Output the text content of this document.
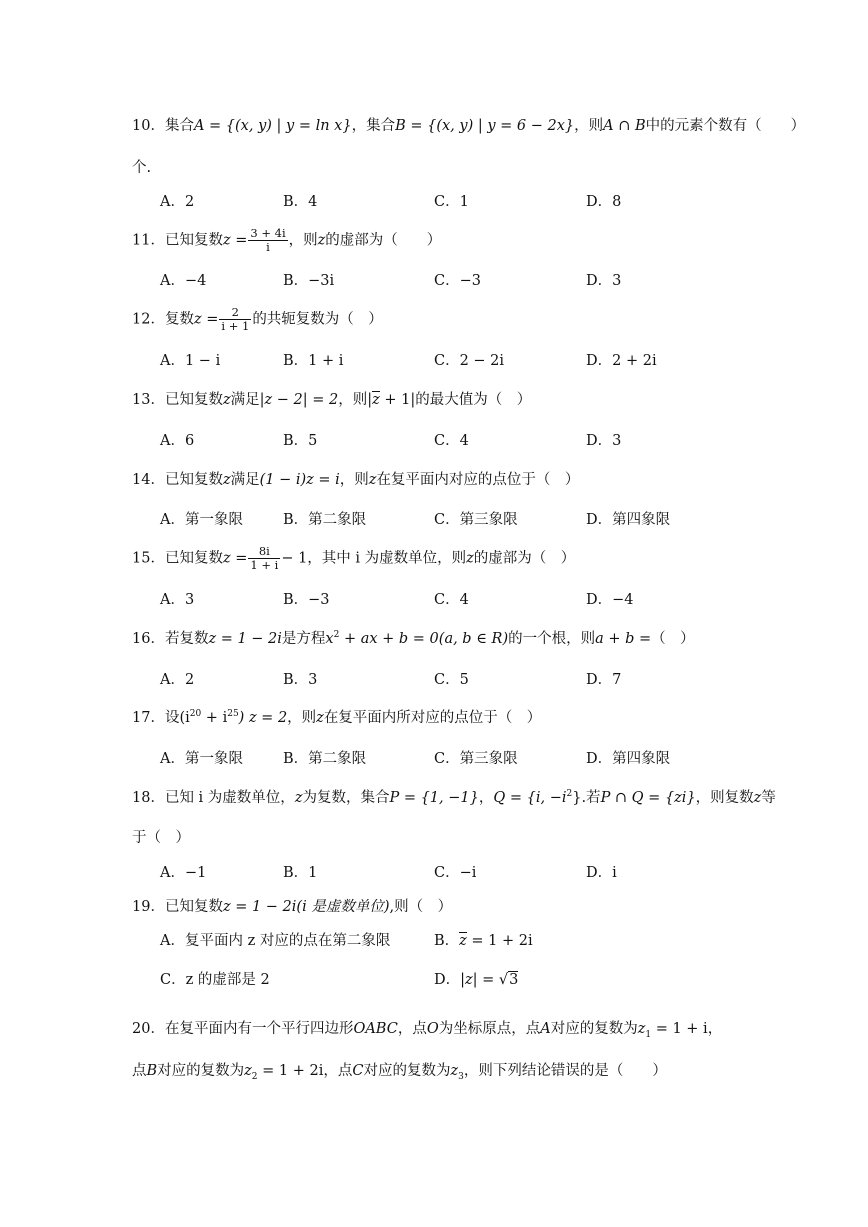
10．集合A = {(x, y) | y = ln x}，集合B = {(x, y) | y = 6 − 2x}，则A ∩ B中的元素个数有（　　）
个.
A．2	B．4	C．1	D．8
11．已知复数$z = \frac{3 + 4i}{i}$ ，则z的虚部为（　　）
A．−4	B．−3i	C．−3	D．3
12．复数$z = \frac{2}{i + 1}$ 的共轭复数为（　）
A．1 − i	B．1 + i	C．2 − 2i	D．2 + 2i
13．已知复数z满足|z − 2| = 2，则|z + 1|的最大值为（　）
A．6	B．5	C．4	D．3
14．已知复数z满足(1 − i)z = i，则z在复平面内对应的点位于（　）
A．第一象限	B．第二象限	C．第三象限	D．第四象限
15．已知复数$z = \frac{8i}{1 + i} - 1$，其中 i 为虚数单位，则z的虚部为（　）
A．3	B．−3	C．4	D．−4
16．若复数z = 1 − 2i是方程$x^2$ + ax + b = 0(a, b ∈ R)的一个根，则a + b =（　）
A．2	B．3	C．5	D．7
17．设$(i^{20} + i^{25}) z = 2$，则z在复平面内所对应的点位于（　）
A．第一象限	B．第二象限	C．第三象限	D．第四象限
18．已知 i 为虚数单位，z为复数，集合P = {1, −1}，Q = {i, $-i^2$}.若P ∩ Q = {zi}，则复数z等
于（　）
A．−1	B．1	C．−i	D．i
19．已知复数z = 1 − 2i(i 是虚数单位),则（　）
A．复平面内 z 对应的点在第二象限	B．z = 1 + 2i
C．z 的虚部是 2	D．|z| = √3
20．在复平面内有一个平行四边形OABC，点O为坐标原点，点A对应的复数为$z_1 = 1 + i$，
点B对应的复数为$z_2 = 1 + 2i$，点C对应的复数为$z_3$，则下列结论错误的是（　　）
